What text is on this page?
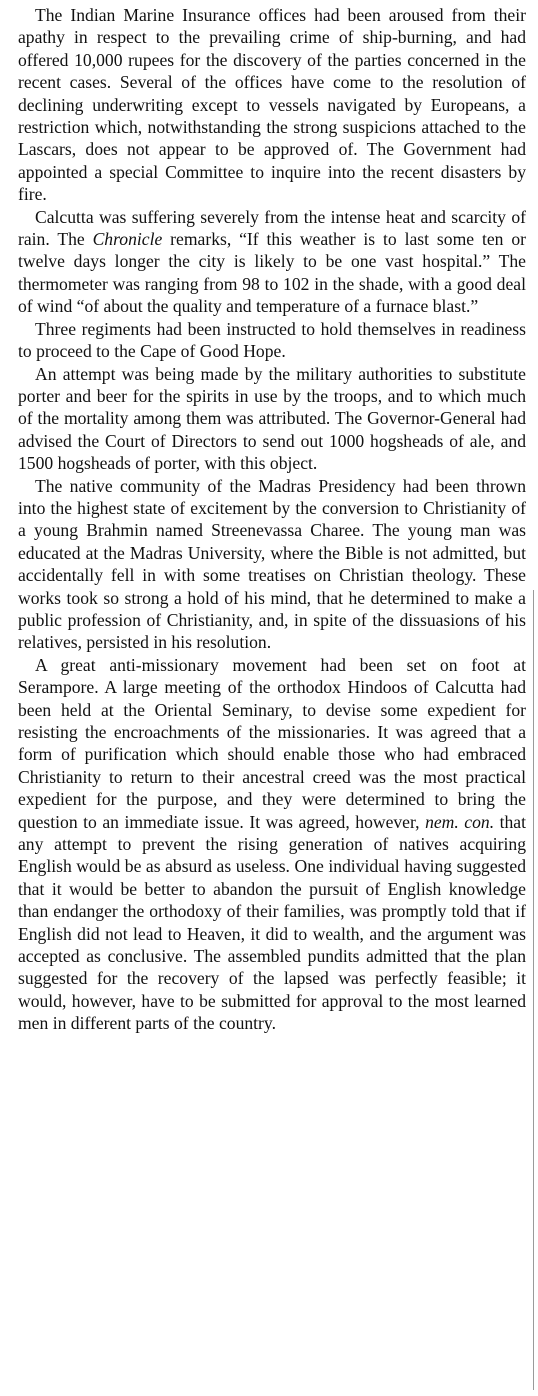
The Indian Marine Insurance offices had been aroused from their apathy in respect to the prevailing crime of ship-burning, and had offered 10,000 rupees for the discovery of the parties concerned in the recent cases. Several of the offices have come to the resolution of declining underwriting except to vessels navigated by Europeans, a restriction which, notwithstanding the strong suspicions attached to the Lascars, does not appear to be approved of. The Government had appointed a special Committee to inquire into the recent disasters by fire.

Calcutta was suffering severely from the intense heat and scarcity of rain. The Chronicle remarks, “If this weather is to last some ten or twelve days longer the city is likely to be one vast hospital.” The thermometer was ranging from 98 to 102 in the shade, with a good deal of wind “of about the quality and temperature of a furnace blast.”

Three regiments had been instructed to hold themselves in readiness to proceed to the Cape of Good Hope.

An attempt was being made by the military authorities to substitute porter and beer for the spirits in use by the troops, and to which much of the mortality among them was attributed. The Governor-General had advised the Court of Directors to send out 1000 hogsheads of ale, and 1500 hogsheads of porter, with this object.

The native community of the Madras Presidency had been thrown into the highest state of excitement by the conversion to Christianity of a young Brahmin named Streenevassa Charee. The young man was educated at the Madras University, where the Bible is not admitted, but accidentally fell in with some treatises on Christian theology. These works took so strong a hold of his mind, that he determined to make a public profession of Christianity, and, in spite of the dissuasions of his relatives, persisted in his resolution.

A great anti-missionary movement had been set on foot at Serampore. A large meeting of the orthodox Hindoos of Calcutta had been held at the Oriental Seminary, to devise some expedient for resisting the encroachments of the missionaries. It was agreed that a form of purification which should enable those who had embraced Christianity to return to their ancestral creed was the most practical expedient for the purpose, and they were determined to bring the question to an immediate issue. It was agreed, however, nem. con. that any attempt to prevent the rising generation of natives acquiring English would be as absurd as useless. One individual having suggested that it would be better to abandon the pursuit of English knowledge than endanger the orthodoxy of their families, was promptly told that if English did not lead to Heaven, it did to wealth, and the argument was accepted as conclusive. The assembled pundits admitted that the plan suggested for the recovery of the lapsed was perfectly feasible; it would, however, have to be submitted for approval to the most learned men in different parts of the country.
